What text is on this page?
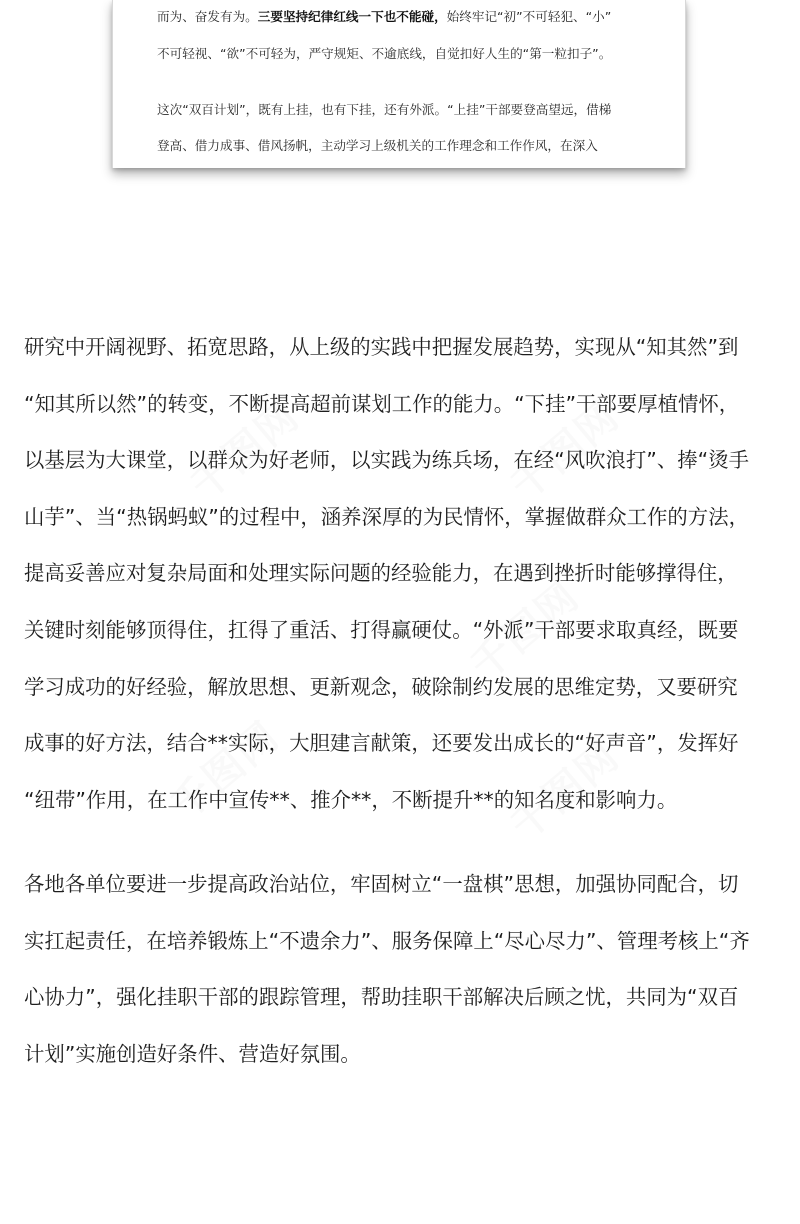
而为、奋发有为。三要坚持纪律红线一下也不能碰，始终牢记“初”不可轻犯、“小”

不可轻视、“欲”不可轻为，严守规矩、不逾底线，自觉扣好人生的“第一粒扣子”。

这次“双百计划”，既有上挂，也有下挂，还有外派。“上挂”干部要登高望远，借梯

登高、借力成事、借风扬帆，主动学习上级机关的工作理念和工作作风，在深入

千图网	千图网
千图网
千图网
千图网
研究中开阔视野、拓宽思路，从上级的实践中把握发展趋势，实现从“知其然”到
“知其所以然”的转变，不断提高超前谋划工作的能力。“下挂”干部要厚植情怀，
以基层为大课堂，以群众为好老师，以实践为练兵场，在经“风吹浪打”、捧“烫手
山芋”、当“热锅蚂蚁”的过程中，涵养深厚的为民情怀，掌握做群众工作的方法，
提高妥善应对复杂局面和处理实际问题的经验能力，在遇到挫折时能够撑得住，
关键时刻能够顶得住，扛得了重活、打得赢硬仗。“外派”干部要求取真经，既要
学习成功的好经验，解放思想、更新观念，破除制约发展的思维定势，又要研究
成事的好方法，结合**实际，大胆建言献策，还要发出成长的“好声音”，发挥好
“纽带”作用，在工作中宣传**、推介**，不断提升**的知名度和影响力。
各地各单位要进一步提高政治站位，牢固树立“一盘棋”思想，加强协同配合，切
实扛起责任，在培养锻炼上“不遗余力”、服务保障上“尽心尽力”、管理考核上“齐
心协力”，强化挂职干部的跟踪管理，帮助挂职干部解决后顾之忧，共同为“双百
计划”实施创造好条件、营造好氛围。
